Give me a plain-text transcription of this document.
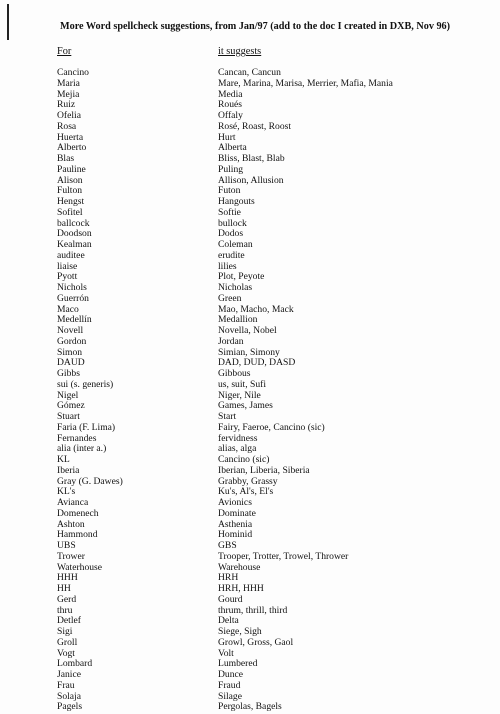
More Word spellcheck suggestions, from Jan/97 (add to the doc I created in DXB, Nov 96)
For	it suggests
Cancino	Cancan, Cancun
Maria	Mare, Marina, Marisa, Merrier, Mafia, Mania
Mejia	Media
Ruiz	Roués
Ofelia	Offaly
Rosa	Rosé, Roast, Roost
Huerta	Hurt
Alberto	Alberta
Blas	Bliss, Blast, Blab
Pauline	Puling
Alison	Allison, Allusion
Fulton	Futon
Hengst	Hangouts
Sofitel	Softie
ballcock	bullock
Doodson	Dodos
Kealman	Coleman
auditee	erudite
liaise	lilies
Pyott	Plot, Peyote
Nichols	Nicholas
Guerrón	Green
Maco	Mao, Macho, Mack
Medellín	Medallion
Novell	Novella, Nobel
Gordon	Jordan
Simon	Simian, Simony
DAUD	DAD, DUD, DASD
Gibbs	Gibbous
sui (s. generis)	us, suit, Sufi
Nigel	Niger, Nile
Gómez	Games, James
Stuart	Start
Faria (F. Lima)	Fairy, Faeroe, Cancino (sic)
Fernandes	fervidness
alia (inter a.)	alias, alga
KL	Cancino (sic)
Iberia	Iberian, Liberia, Siberia
Gray (G. Dawes)	Grabby, Grassy
KL's	Ku's, Al's, El's
Avianca	Avionics
Domenech	Dominate
Ashton	Asthenia
Hammond	Hominid
UBS	GBS
Trower	Trooper, Trotter, Trowel, Thrower
Waterhouse	Warehouse
HHH	HRH
HH	HRH, HHH
Gerd	Gourd
thru	thrum, thrill, third
Detlef	Delta
Sigi	Siege, Sigh
Groll	Growl, Gross, Gaol
Vogt	Volt
Lombard	Lumbered
Janice	Dunce
Frau	Fraud
Solaja	Silage
Pagels	Pergolas, Bagels
